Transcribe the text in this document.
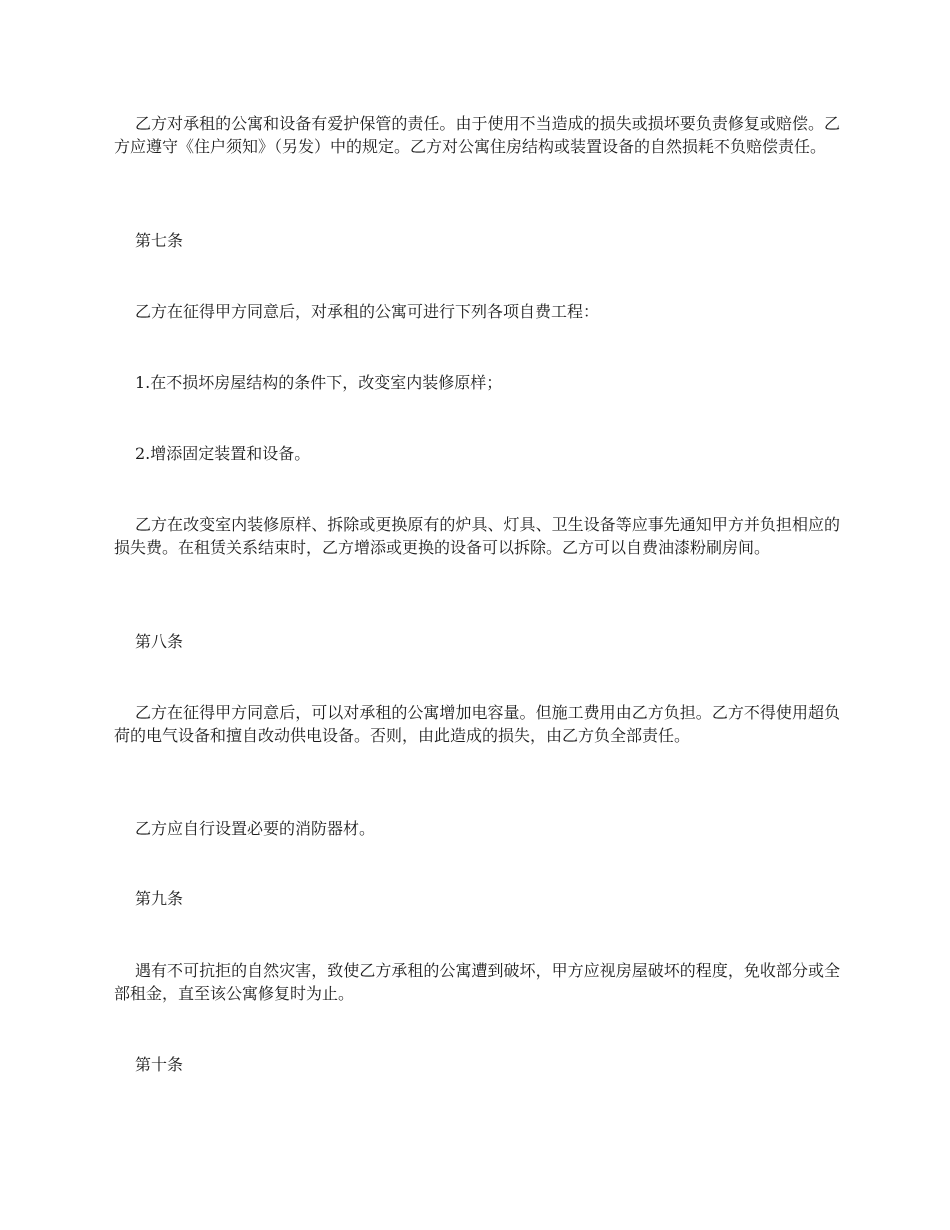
乙方对承租的公寓和设备有爱护保管的责任。由于使用不当造成的损失或损坏要负责修复或赔偿。乙方应遵守《住户须知》（另发）中的规定。乙方对公寓住房结构或装置设备的自然损耗不负赔偿责任。

第七条

乙方在征得甲方同意后，对承租的公寓可进行下列各项自费工程：

1.在不损坏房屋结构的条件下，改变室内装修原样；

2.增添固定装置和设备。

乙方在改变室内装修原样、拆除或更换原有的炉具、灯具、卫生设备等应事先通知甲方并负担相应的损失费。在租赁关系结束时，乙方增添或更换的设备可以拆除。乙方可以自费油漆粉刷房间。

第八条

乙方在征得甲方同意后，可以对承租的公寓增加电容量。但施工费用由乙方负担。乙方不得使用超负荷的电气设备和擅自改动供电设备。否则，由此造成的损失，由乙方负全部责任。

乙方应自行设置必要的消防器材。

第九条

遇有不可抗拒的自然灾害，致使乙方承租的公寓遭到破坏，甲方应视房屋破坏的程度，免收部分或全部租金，直至该公寓修复时为止。

第十条
